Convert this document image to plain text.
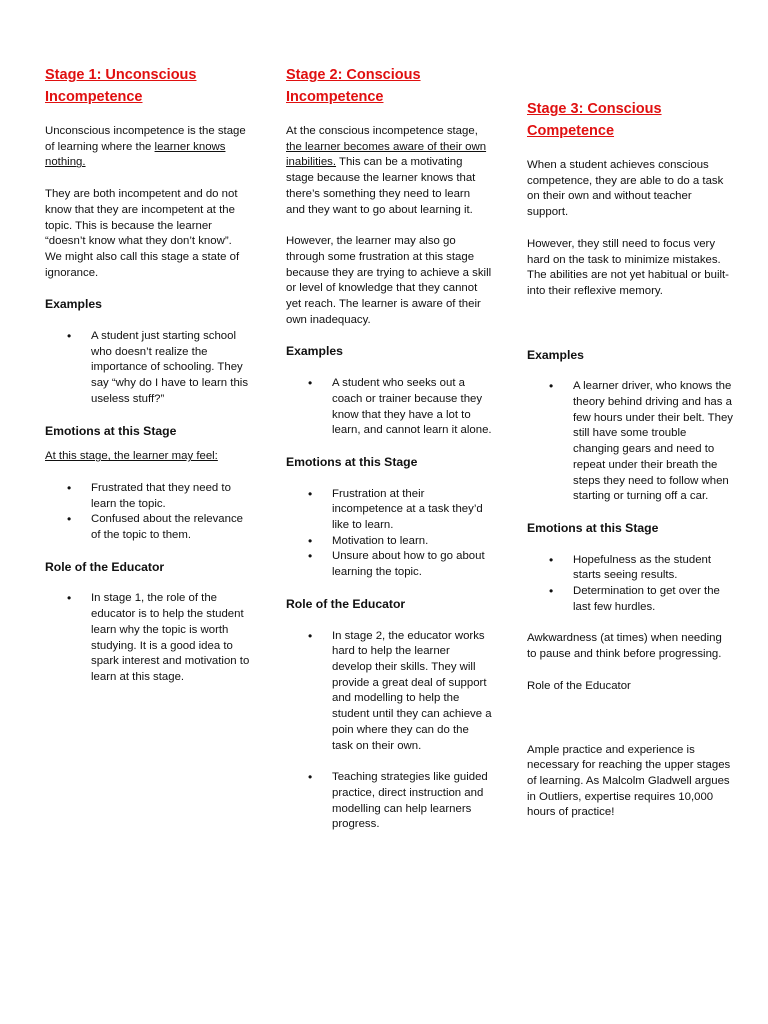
Stage 1: Unconscious
Incompetence

Unconscious incompetence is the stage of learning where the learner knows nothing.

They are both incompetent and do not know that they are incompetent at the topic. This is because the learner “doesn’t know what they don’t know”. We might also call this stage a state of ignorance.

Examples
• A student just starting school who doesn’t realize the importance of schooling. They say “why do I have to learn this useless stuff?”
Emotions at this Stage

At this stage, the learner may feel:

• Frustrated that they need to learn the topic.
• Confused about the relevance of the topic to them.
Role of the Educator
• In stage 1, the role of the educator is to help the student learn why the topic is worth studying. It is a good idea to spark interest and motivation to learn at this stage.
Stage 2: Conscious
Incompetence

At the conscious incompetence stage, the learner becomes aware of their own inabilities. This can be a motivating stage because the learner knows that there’s something they need to learn and they want to go about learning it.

However, the learner may also go through some frustration at this stage because they are trying to achieve a skill or level of knowledge that they cannot yet reach. The learner is aware of their own inadequacy.

Examples
• A student who seeks out a coach or trainer because they know that they have a lot to learn, and cannot learn it alone.
Emotions at this Stage
• Frustration at their incompetence at a task they’d like to learn.
• Motivation to learn.
• Unsure about how to go about learning the topic.
Role of the Educator
• In stage 2, the educator works hard to help the learner develop their skills. They will provide a great deal of support and modelling to help the student until they can achieve a poin where they can do the task on their own.
• Teaching strategies like guided practice, direct instruction and modelling can help learners progress.
Stage 3: Conscious
Competence

When a student achieves conscious competence, they are able to do a task on their own and without teacher support.

However, they still need to focus very hard on the task to minimize mistakes. The abilities are not yet habitual or built-into their reflexive memory.

Examples
• A learner driver, who knows the theory behind driving and has a few hours under their belt. They still have some trouble changing gears and need to repeat under their breath the steps they need to follow when starting or turning off a car.
Emotions at this Stage
• Hopefulness as the student starts seeing results.
• Determination to get over the last few hurdles.

Awkwardness (at times) when needing to pause and think before progressing.

Role of the Educator

Ample practice and experience is necessary for reaching the upper stages of learning. As Malcolm Gladwell argues in Outliers, expertise requires 10,000 hours of practice!
